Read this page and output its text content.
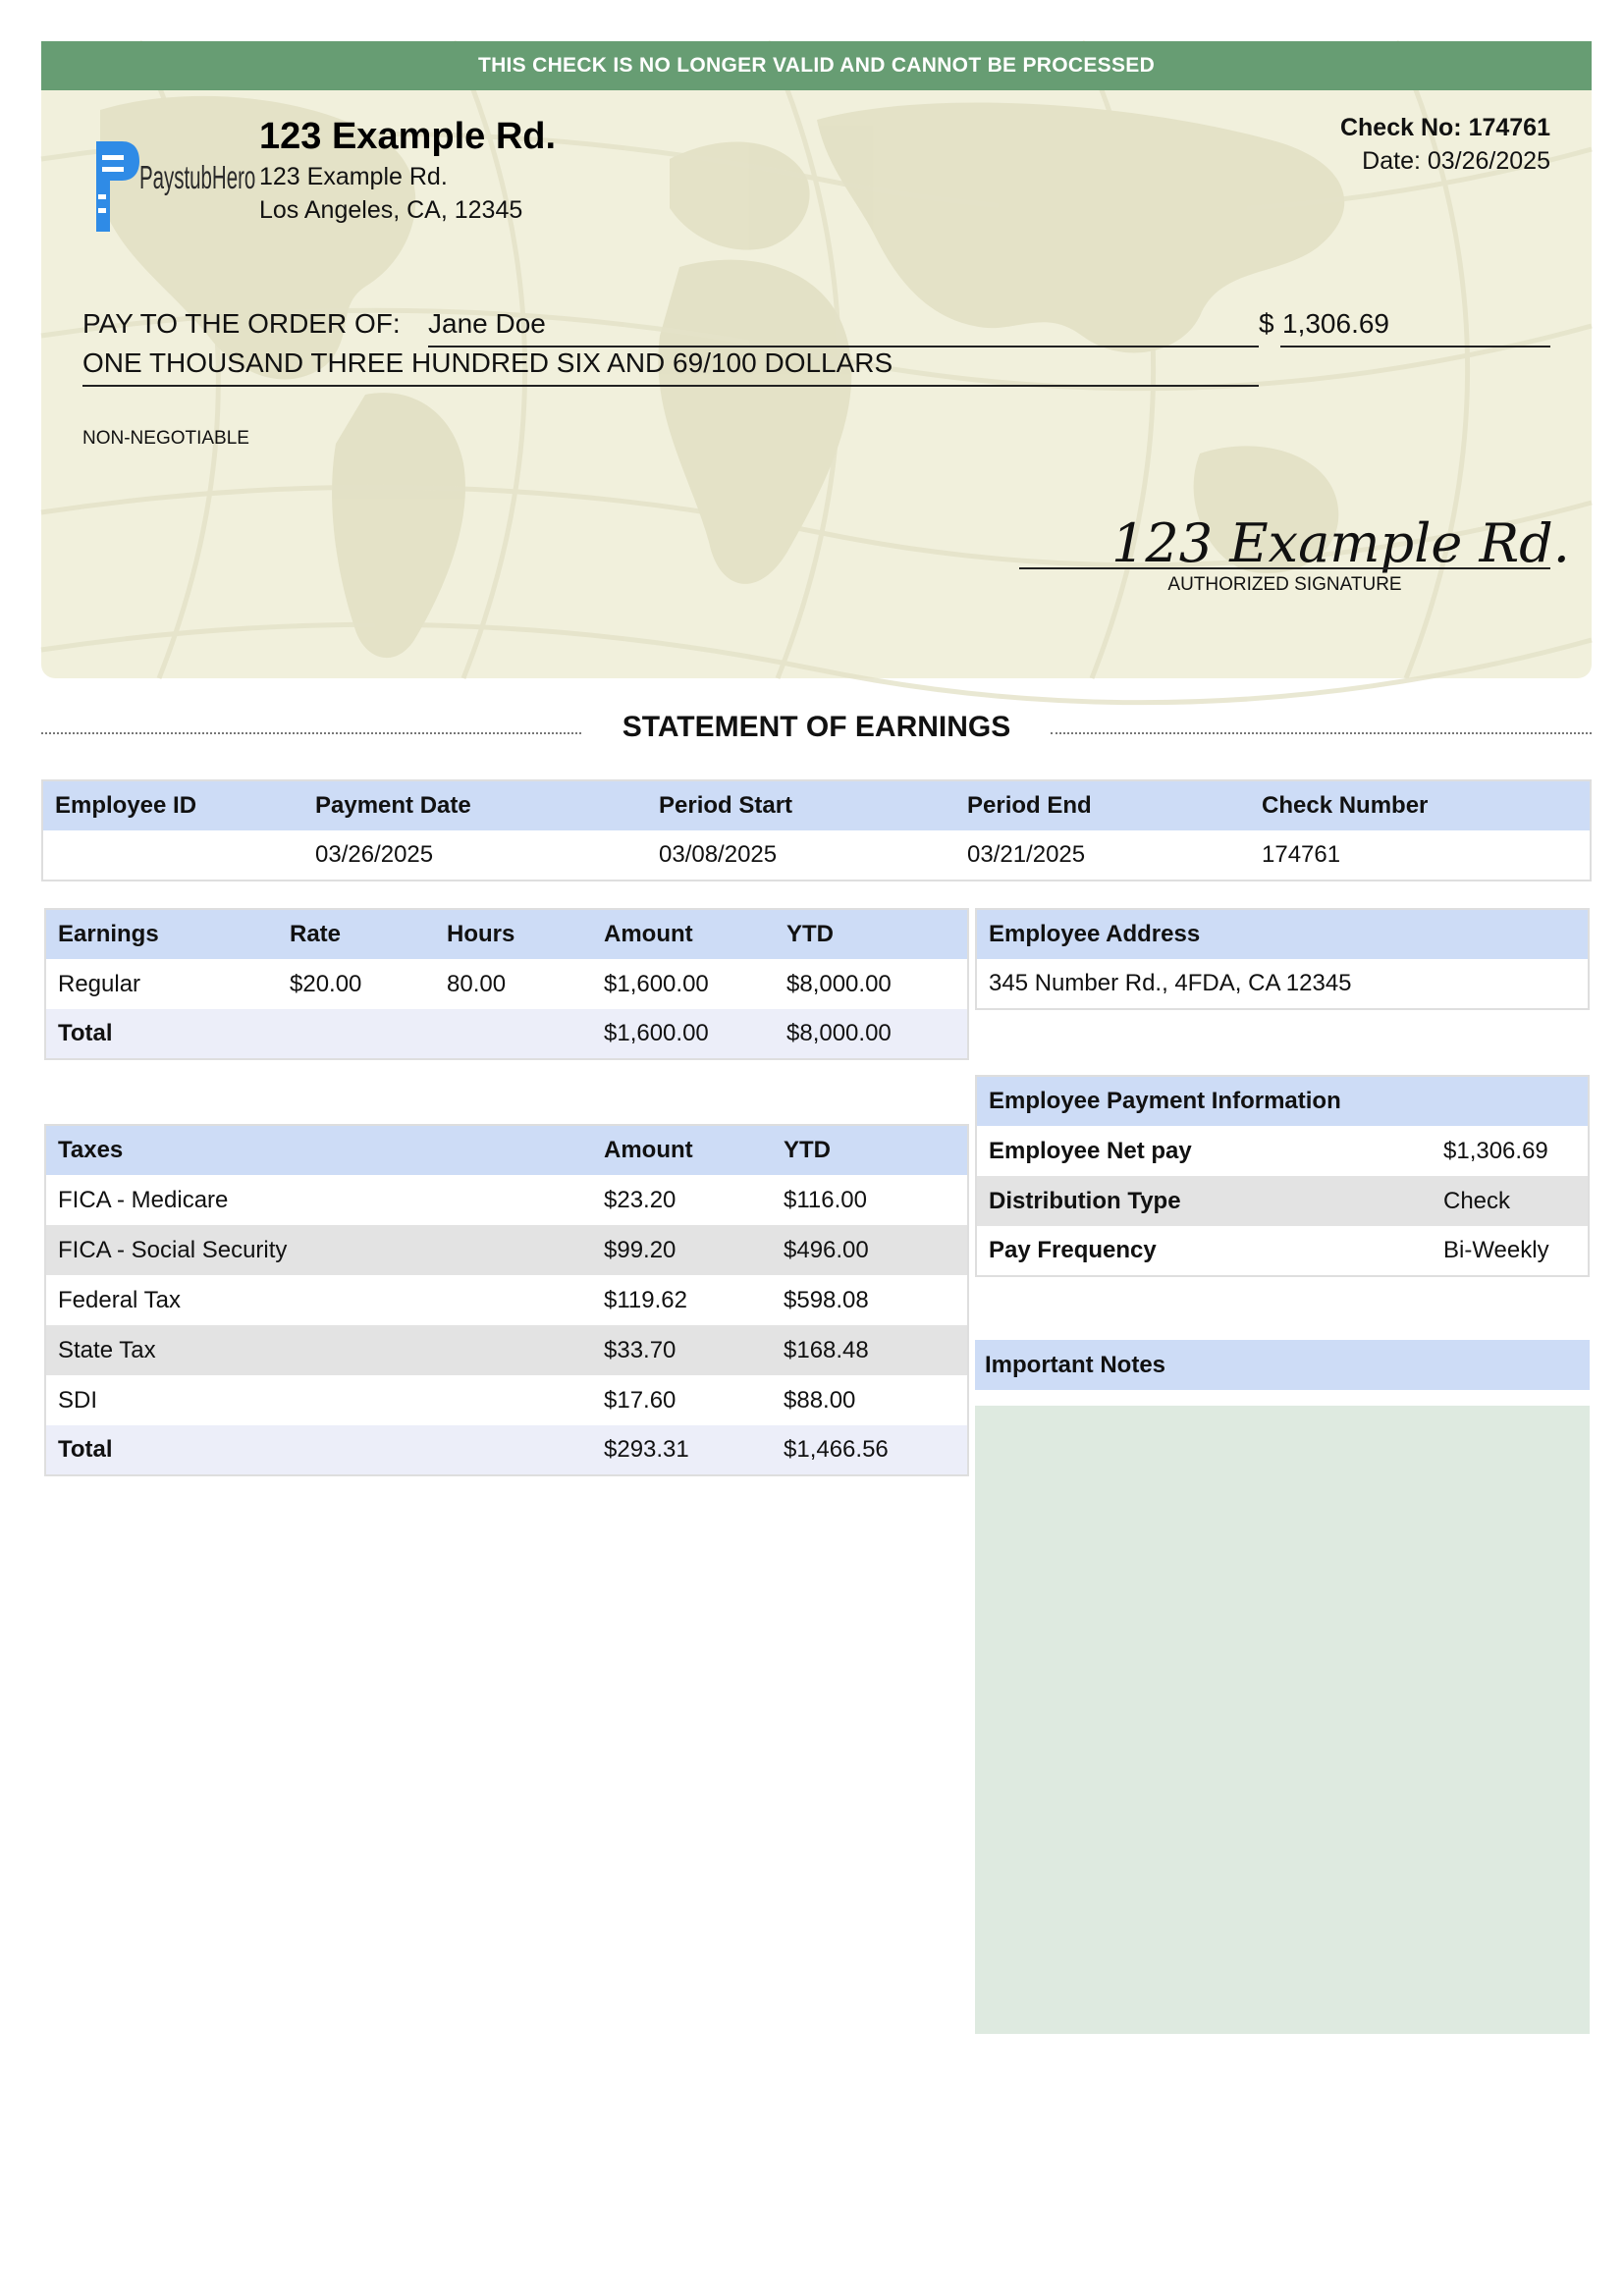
THIS CHECK IS NO LONGER VALID AND CANNOT BE PROCESSED
PaystubHero
123 Example Rd.
123 Example Rd.
Los Angeles, CA, 12345
Check No: 174761
Date: 03/26/2025
PAY TO THE ORDER OF: Jane Doe	$ 1,306.69
ONE THOUSAND THREE HUNDRED SIX AND 69/100 DOLLARS
NON-NEGOTIABLE
123 Example Rd.
AUTHORIZED SIGNATURE
STATEMENT OF EARNINGS
Employee ID	Payment Date	Period Start	Period End	Check Number
	03/26/2025	03/08/2025	03/21/2025	174761
Earnings	Rate	Hours	Amount	YTD
Regular	$20.00	80.00	$1,600.00	$8,000.00
Total			$1,600.00	$8,000.00
Taxes	Amount	YTD
FICA - Medicare	$23.20	$116.00
FICA - Social Security	$99.20	$496.00
Federal Tax	$119.62	$598.08
State Tax	$33.70	$168.48
SDI	$17.60	$88.00
Total	$293.31	$1,466.56
Employee Address
345 Number Rd., 4FDA, CA 12345
Employee Payment Information	
Employee Net pay	$1,306.69
Distribution Type	Check
Pay Frequency	Bi-Weekly
Important Notes
